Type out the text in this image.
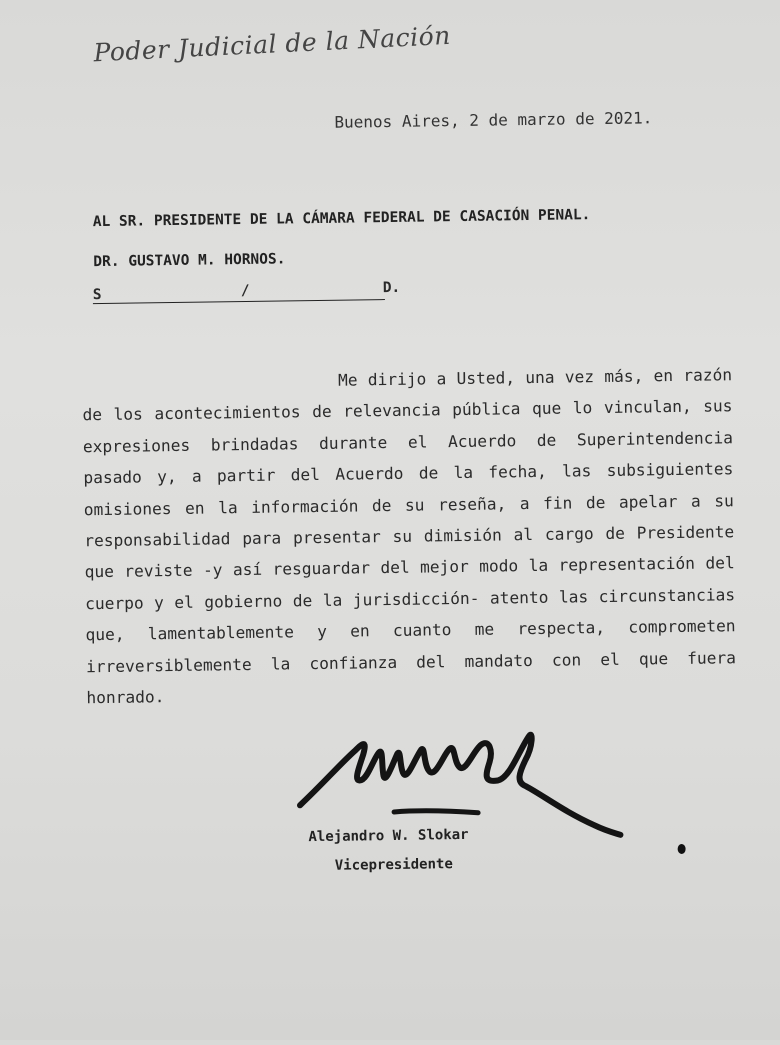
Poder Judicial de la Nación
Buenos Aires, 2 de marzo de 2021.
AL SR. PRESIDENTE DE LA CÁMARA FEDERAL DE CASACIÓN PENAL.
DR. GUSTAVO M. HORNOS.
S	/	D.
Me dirijo a Usted, una vez más, en razón de los acontecimientos de relevancia pública que lo vinculan, sus expresiones brindadas durante el Acuerdo de Superintendencia pasado y, a partir del Acuerdo de la fecha, las subsiguientes omisiones en la información de su reseña, a fin de apelar a su responsabilidad para presentar su dimisión al cargo de Presidente que reviste -y así resguardar del mejor modo la representación del cuerpo y el gobierno de la jurisdicción- atento las circunstancias que, lamentablemente y en cuanto me respecta, comprometen irreversiblemente la confianza del mandato con el que fuera honrado.
Alejandro W. Slokar
Vicepresidente
